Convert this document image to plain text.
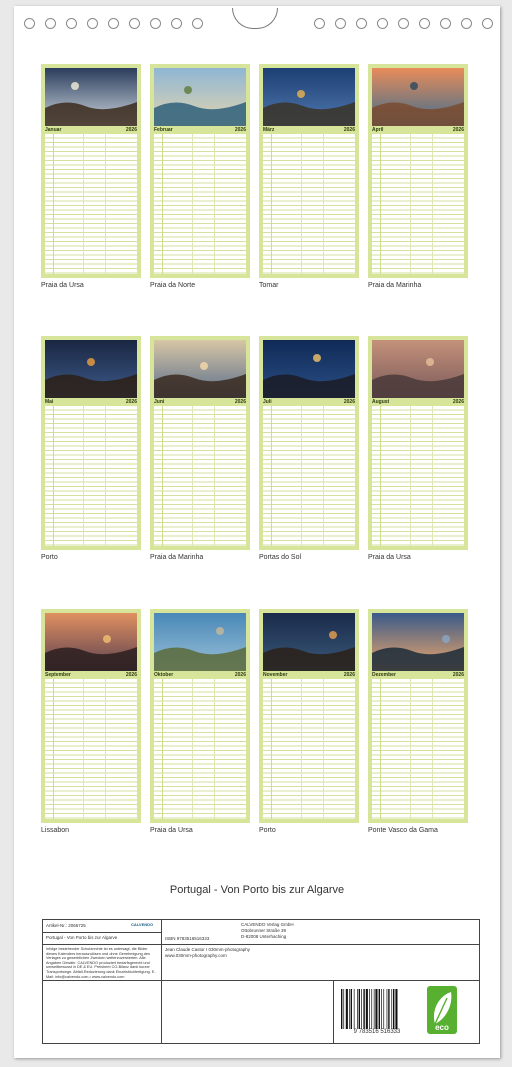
Januar	2026
Praia da Ursa
Februar	2026
Praia da Norte
März	2026
Tomar
April	2026
Praia da Marinha
Mai	2026
Porto
Juni	2026
Praia da Marinha
Juli	2026
Portas do Sol
August	2026
Praia da Ursa
September	2026
Lissabon
Oktober	2026
Praia da Ursa
November	2026
Porto
Dezember	2026
Ponte Vasco da Gama
Portugal - Von Porto bis zur Algarve
Artikel-Nr.: 2066725	CALVENDO
Portugal - Von Porto bis zur Algarve
Infolge bestehender Schutzrechte ist es untersagt, die Bilder dieses Kalenders herauszulösen und ohne Genehmigung des Verlages zu gewerblichen Zwecken weiterzuverwerten. Alle Angaben Gewähr. CALVENDO produziert bedarfsgerecht und umweltbewusst in DE & EU. Preisherb CO-Bilanz dank kurzer Transportwege. Abfall-Reduzierung dank Einzelstückfertigung. E-Mail: info@calvendo.com • www.calvendo.com
ISBN 9783516516333
CALVENDO Verlag GmbH
Ottobrunner Straße 39
D-82008 Unterhaching
Jean Claude Castor I 030mm-photography
www.030mm-photography.com
9 783516 516333	eco
